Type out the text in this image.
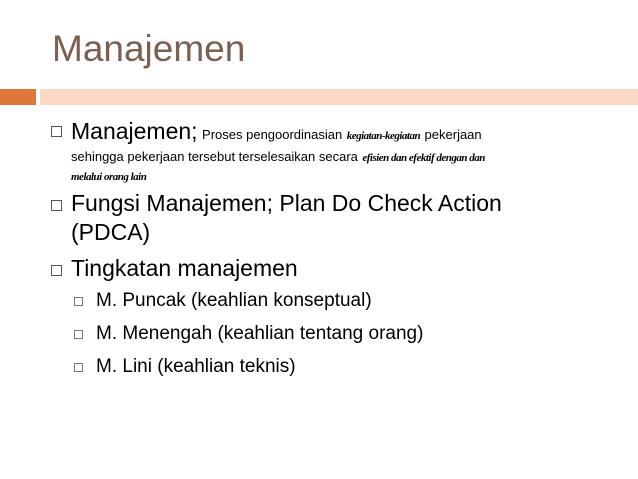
Manajemen
Manajemen; Proses pengoordinasian kegiatan-kegiatan pekerjaan
sehingga pekerjaan tersebut terselesaikan secara efisien dan efektif dengan dan
melalui orang lain
Fungsi Manajemen; Plan Do Check Action
(PDCA)
Tingkatan manajemen
M. Puncak (keahlian konseptual)
M. Menengah (keahlian tentang orang)
M. Lini (keahlian teknis)
